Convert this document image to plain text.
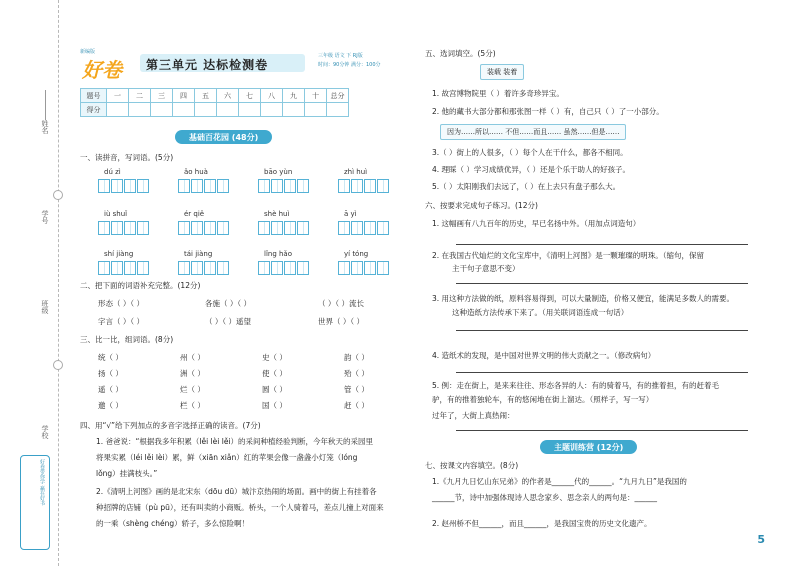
姓名
学号
班级
学校
好卷带你学 赢在好书
新编版
好卷	第三单元 达标检测卷
三年级 语文 下 RJ版
时间：90分钟 满分：100分
题号	一	二	三	四	五	六	七	八	九	十	总分
得分											
基础百花园 (48分)
一、读拼音，写词语。(5分)
dú zì	ǎo huà	bāo yùn	zhì huì
iù shuǐ	ér qiě	shè huì	ā yì
shí jiàng	tái jiàng	lǐng hǎo	yí tóng
二、把下面的词语补充完整。(12分)
形态（ ）（ ）	各施（ ）（ ）	（ ）（ ）流长
字言（ ）（ ）	（ ）（ ）遥望	世界（ ）（ ）
三、比一比，组词语。(8分)
统（ ）	州（ ）	史（ ）	韵（ ）
扬（ ）	洲（ ）	使（ ）	殆（ ）
遥（ ）	烂（ ）	圆（ ）	管（ ）
邀（ ）	栏（ ）	国（ ）	赶（ ）
四、用“√”给下列加点的多音字选择正确的读音。(7分)
1. 爸爸说：“根据我多年积累（lěi lèi lěi）的采间种植经验判断，今年秋天的采园里
将果实累（léi lěi lèi）累，鲜（xiān xiǎn）红的苹果会像一盏盏小灯笼（lóng
lǒng）挂满枝头。”
2.《清明上河图》画的是北宋东（dōu dū）城汴京热闹的场面。画中的街上有挂着各
种招牌的店铺（pù pū），还有叫卖的小商贩。桥头，一个人骑着马，差点儿撞上对面来
的一乘（shèng chéng）轿子，多么惊险啊！
五、选词填空。(5分)
装载 装着
1. 故宫博物院里（ ）着许多奇珍异宝。
2. 他的藏书大部分都和那张图一样（ ）有，自己只（ ）了一小部分。
因为……所以…… 不但……而且…… 虽然……但是……
3.（ ）街上的人很多，（ ）每个人在干什么，都各不相同。
4. 理睬（ ）学习成绩优异，（ ）还是个乐于助人的好孩子。
5.（ ）太阳刚我们去远了，（ ）在上去只有盘子那么大。
六、按要求完成句子练习。(12分)
1. 这幅画有八九百年的历史，早已名扬中外。（用加点词造句）
2. 在我国古代灿烂的文化宝库中，《清明上河图》是一颗璀璨的明珠。（缩句，保留
主干句子意思不变）
3. 用这种方法做的纸，原料容易得到，可以大量制造，价格又便宜，能满足多数人的需要。
这种造纸方法传承下来了。（用关联词语连成一句话）
4. 造纸术的发现，是中国对世界文明的伟大贡献之一。（修改病句）
5. 例：走在街上，是来来往往、形态各异的人：有的骑着马，有的推着担，有的赶着毛
驴，有的推着独轮车，有的悠闲地在街上溜达。（照样子，写一写）
过年了，大街上真热闹：
主题训练营 (12分)
七、按课文内容填空。(8分)
1.《九月九日忆山东兄弟》的作者是______代的______。“九月九日”是我国的
______节，诗中加强体现诗人思念家乡、思念亲人的两句是：______
2. 赵州桥不但______，而且______，是我国宝贵的历史文化遗产。
5
